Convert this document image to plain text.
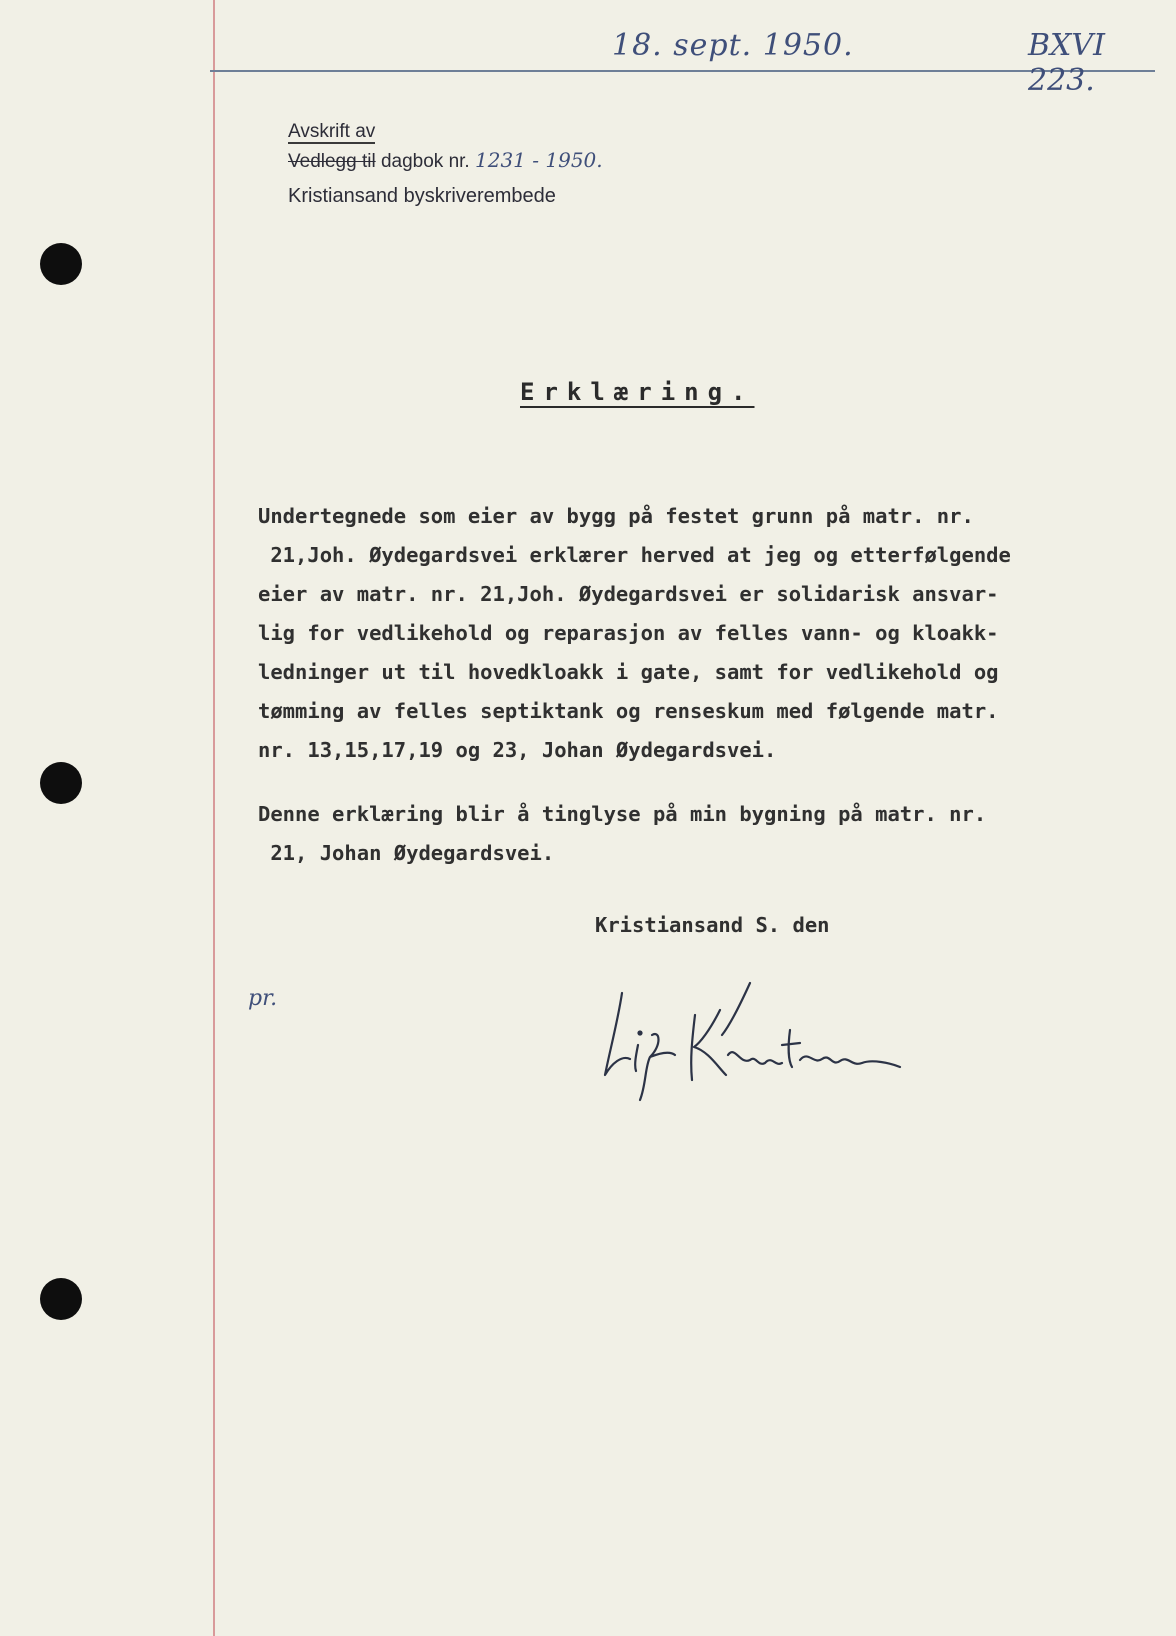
18. sept. 1950.	BXVI 223.
Avskrift av
Vedlegg til dagbok nr. 1231 - 1950.
Kristiansand byskriverembede
Erklæring.
Undertegnede som eier av bygg på festet grunn på matr. nr.
21,Joh. Øydegardsvei erklærer herved at jeg og etterfølgende
eier av matr. nr. 21,Joh. Øydegardsvei er solidarisk ansvar-
lig for vedlikehold og reparasjon av felles vann- og kloakk-
ledninger ut til hovedkloakk i gate, samt for vedlikehold og
tømming av felles septiktank og renseskum med følgende matr.
nr. 13,15,17,19 og 23, Johan Øydegardsvei.
Denne erklæring blir å tinglyse på min bygning på matr. nr.
21, Johan Øydegardsvei.
Kristiansand S. den
pr.
